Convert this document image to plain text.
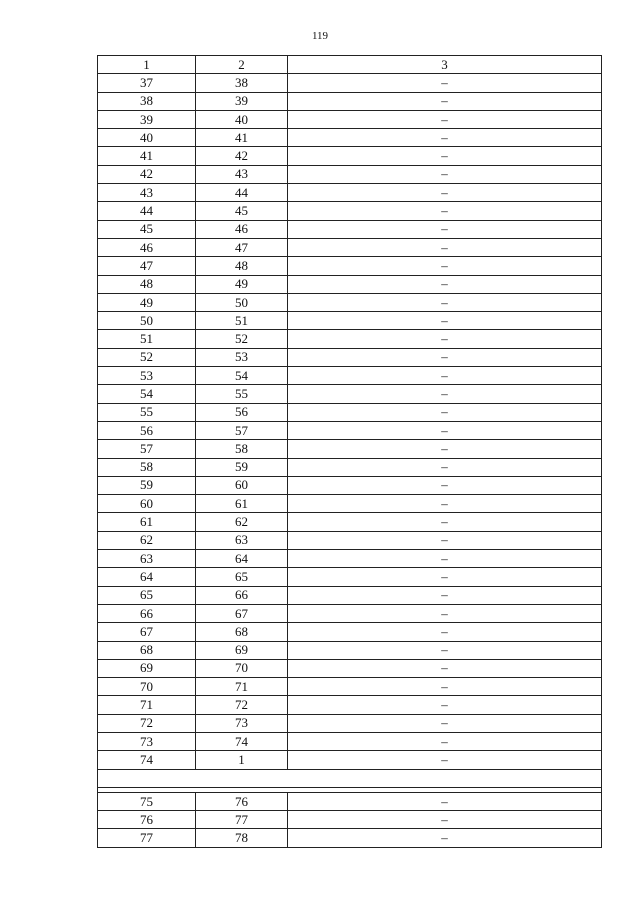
119
1	2	3
37	38	–
38	39	–
39	40	–
40	41	–
41	42	–
42	43	–
43	44	–
44	45	–
45	46	–
46	47	–
47	48	–
48	49	–
49	50	–
50	51	–
51	52	–
52	53	–
53	54	–
54	55	–
55	56	–
56	57	–
57	58	–
58	59	–
59	60	–
60	61	–
61	62	–
62	63	–
63	64	–
64	65	–
65	66	–
66	67	–
67	68	–
68	69	–
69	70	–
70	71	–
71	72	–
72	73	–
73	74	–
74	1	–

75	76	–
76	77	–
77	78	–
